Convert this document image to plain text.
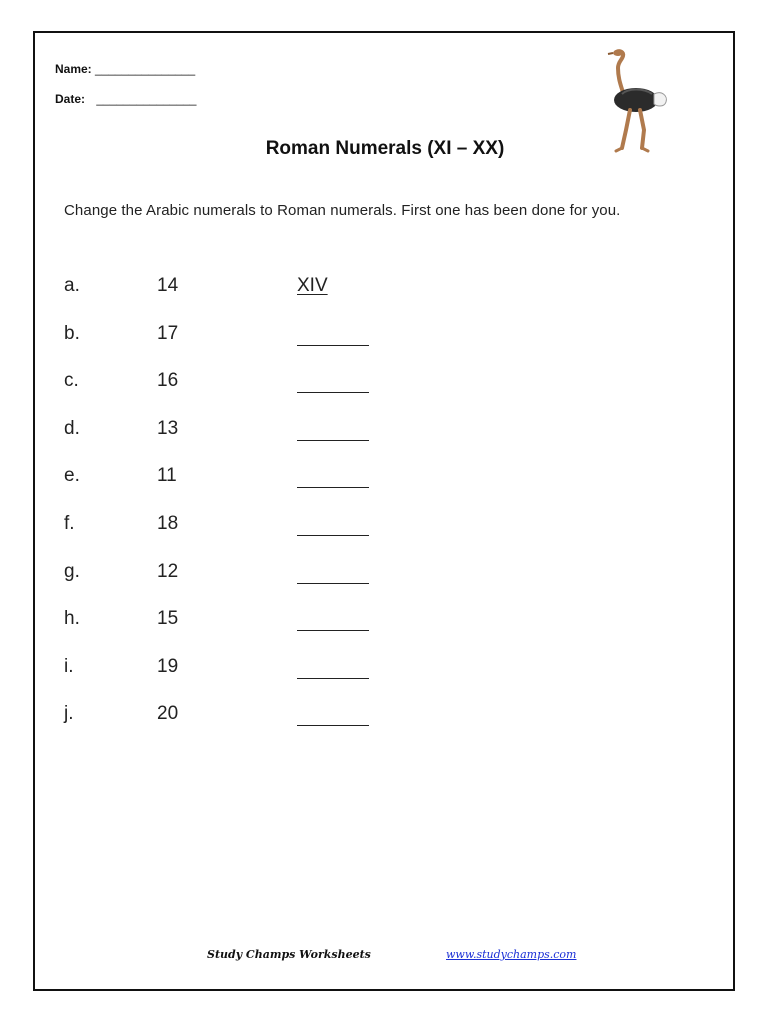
Name: _______________
Date: _______________
Roman Numerals (XI – XX)
Change the Arabic numerals to Roman numerals. First one has been done for you.
a.	14	XIV
b.	17
c.	16
d.	13
e.	11
f.	18
g.	12
h.	15
i.	19
j.	20
Study Champs Worksheets	www.studychamps.com
